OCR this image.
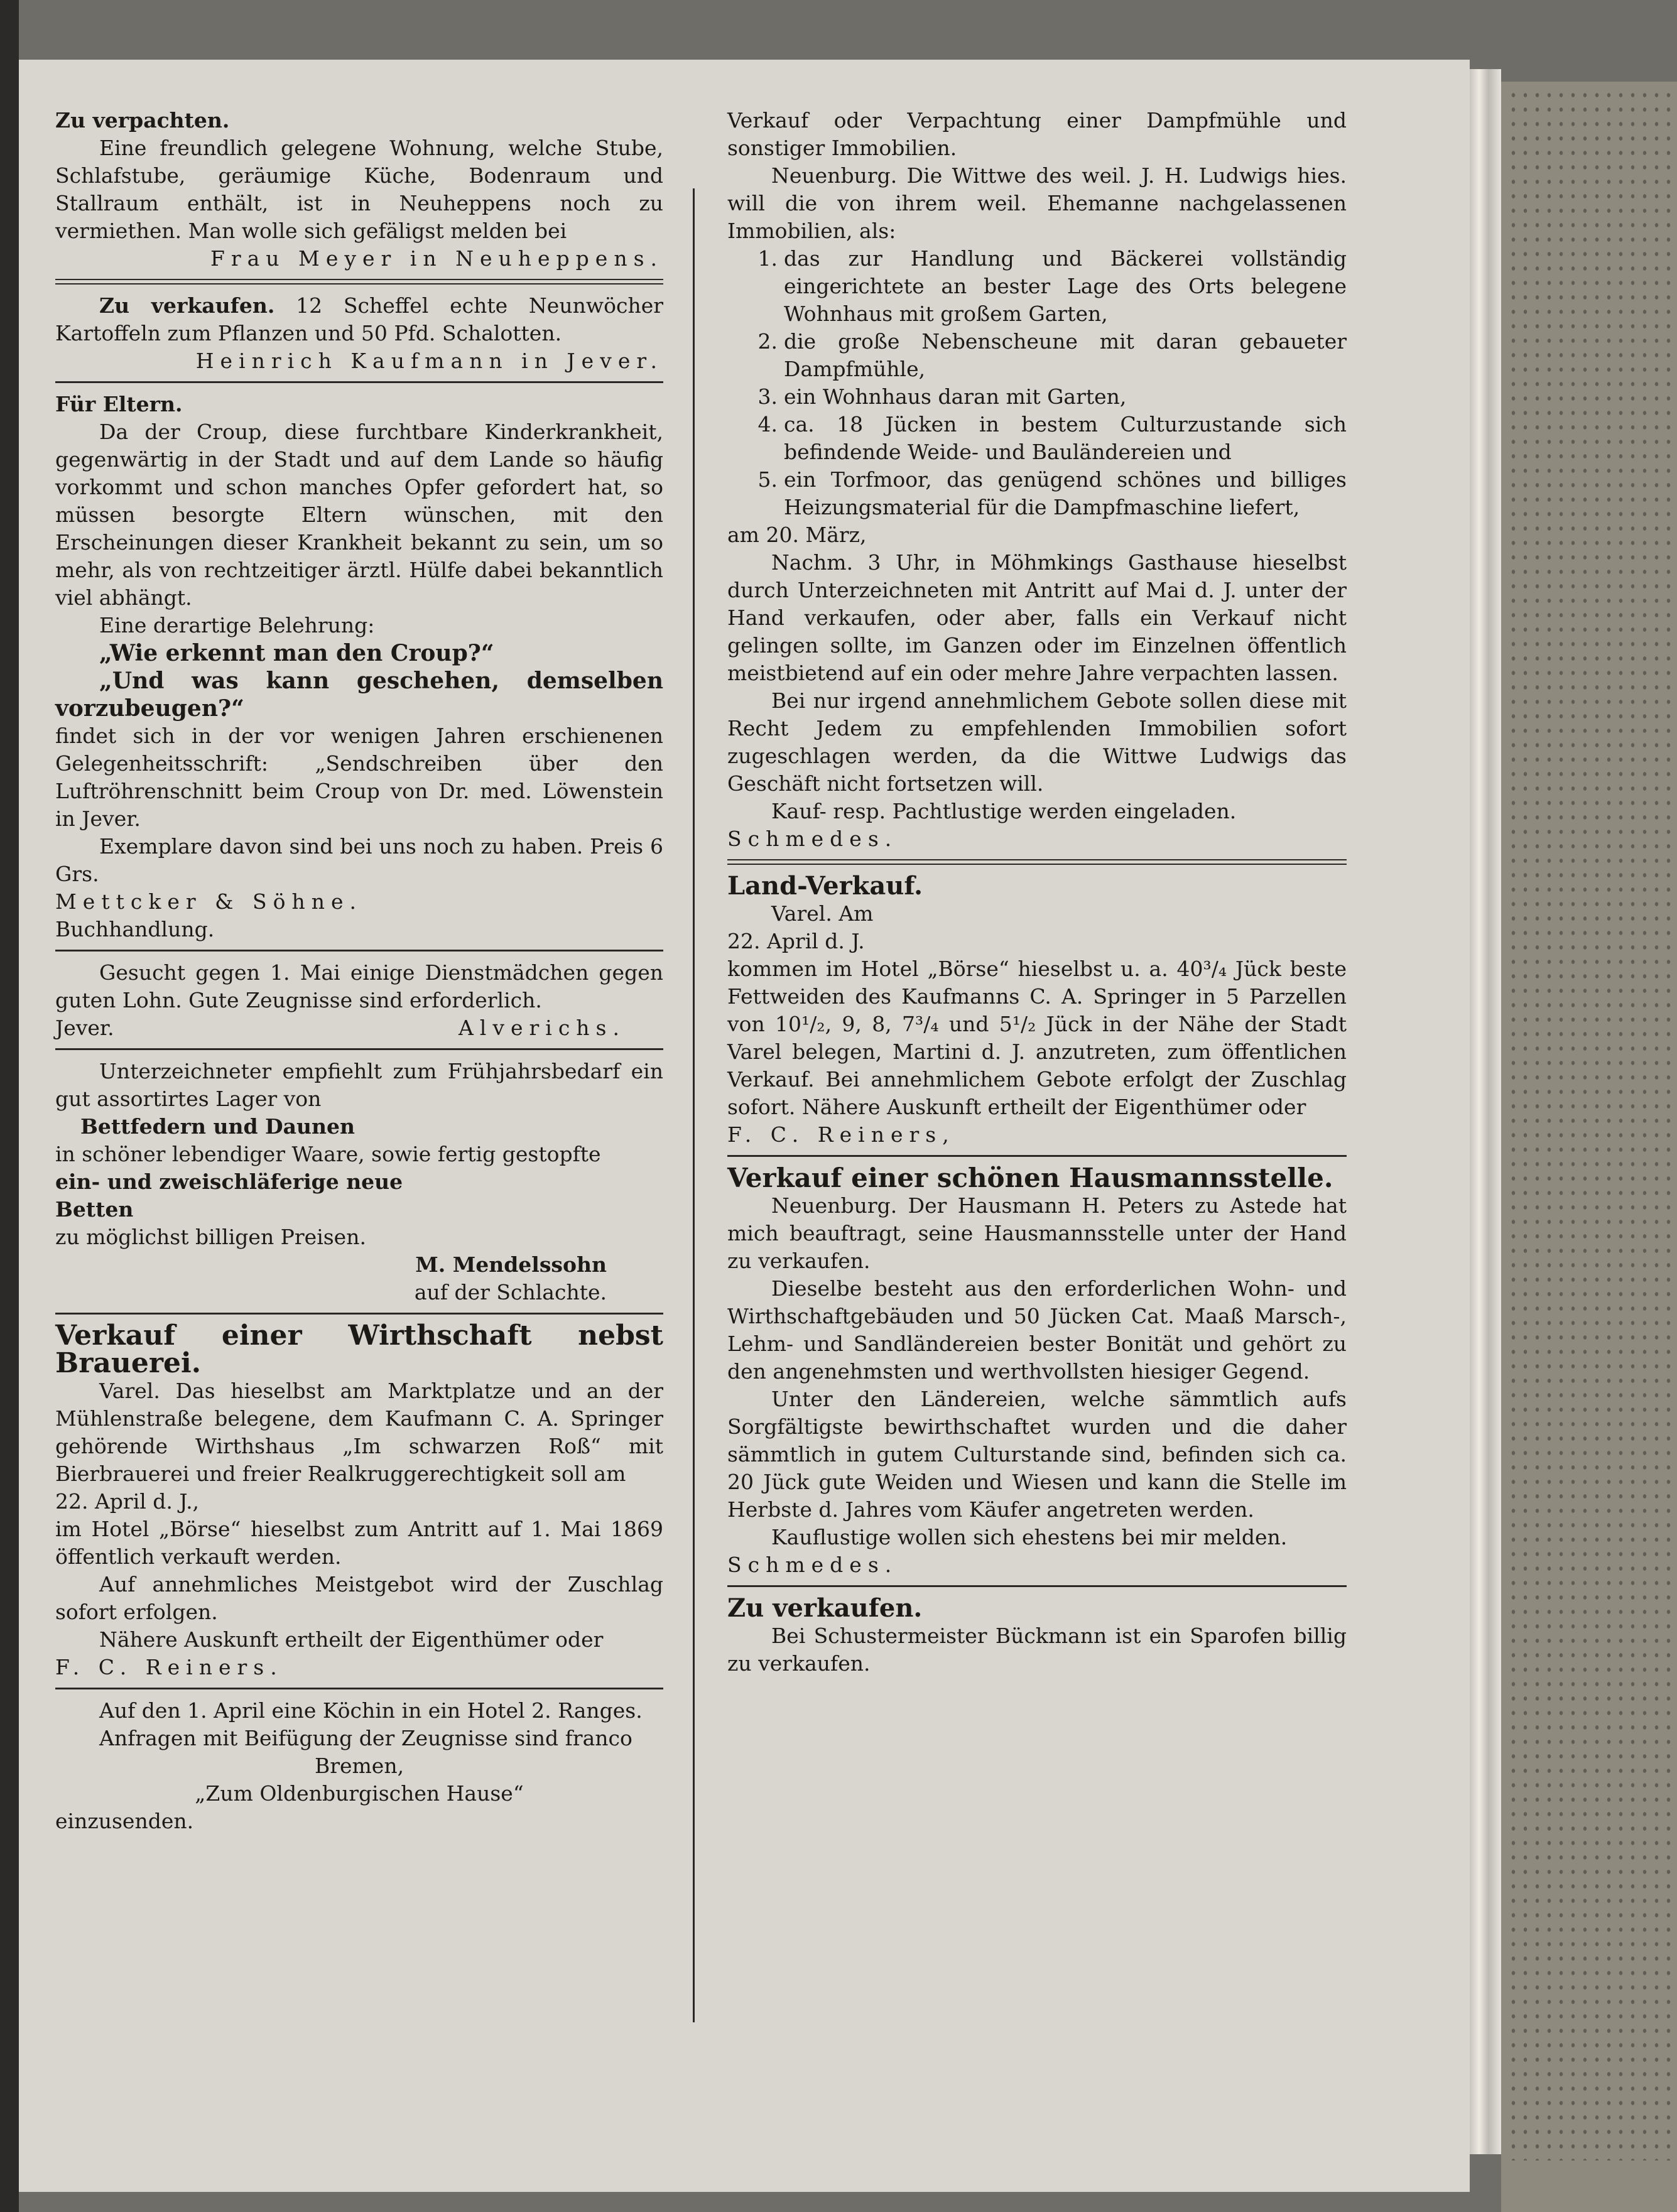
Zu verpachten.

Eine freundlich gelegene Wohnung, welche Stube, Schlafstube, geräumige Küche, Bodenraum und Stallraum enthält, ist in Neuheppens noch zu vermiethen. Man wolle sich gefäligst melden bei

Frau Meyer in Neuheppens.

Zu verkaufen. 12 Scheffel echte Neunwöcher Kartoffeln zum Pflanzen und 50 Pfd. Schalotten.

Heinrich Kaufmann in Jever.

Für Eltern.

Da der Croup, diese furchtbare Kinderkrankheit, gegenwärtig in der Stadt und auf dem Lande so häufig vorkommt und schon manches Opfer gefordert hat, so müssen besorgte Eltern wünschen, mit den Erscheinungen dieser Krankheit bekannt zu sein, um so mehr, als von rechtzeitiger ärztl. Hülfe dabei bekanntlich viel abhängt.

Eine derartige Belehrung:

„Wie erkennt man den Croup?“

„Und was kann geschehen, demselben vorzubeugen?“

findet sich in der vor wenigen Jahren erschienenen Gelegenheitsschrift: „Sendschreiben über den Luftröhrenschnitt beim Croup von Dr. med. Löwenstein in Jever.

Exemplare davon sind bei uns noch zu haben. Preis 6 Grs.

Mettcker & Söhne.

Buchhandlung.

Gesucht gegen 1. Mai einige Dienstmädchen gegen guten Lohn. Gute Zeugnisse sind erforderlich.

Jever.	Alverichs.

Unterzeichneter empfiehlt zum Frühjahrsbedarf ein gut assortirtes Lager von

Bettfedern und Daunen

in schöner lebendiger Waare, sowie fertig gestopfte

ein- und zweischläferige neue

Betten

zu möglichst billigen Preisen.

M. Mendelssohn

auf der Schlachte.

Verkauf einer Wirthschaft nebst Brauerei.

Varel. Das hieselbst am Marktplatze und an der Mühlenstraße belegene, dem Kaufmann C. A. Springer gehörende Wirthshaus „Im schwarzen Roß“ mit Bierbrauerei und freier Realkruggerechtigkeit soll am

22. April d. J.,

im Hotel „Börse“ hieselbst zum Antritt auf 1. Mai 1869 öffentlich verkauft werden.

Auf annehmliches Meistgebot wird der Zuschlag sofort erfolgen.

Nähere Auskunft ertheilt der Eigenthümer oder

F. C. Reiners.

Auf den 1. April eine Köchin in ein Hotel 2. Ranges.

Anfragen mit Beifügung der Zeugnisse sind franco

Bremen,

„Zum Oldenburgischen Hause“

einzusenden.

Verkauf oder Verpachtung einer Dampfmühle und sonstiger Immobilien.

Neuenburg. Die Wittwe des weil. J. H. Ludwigs hies. will die von ihrem weil. Ehemanne nachgelassenen Immobilien, als:

1. das zur Handlung und Bäckerei vollständig eingerichtete an bester Lage des Orts belegene Wohnhaus mit großem Garten,
2. die große Nebenscheune mit daran gebaueter Dampfmühle,
3. ein Wohnhaus daran mit Garten,
4. ca. 18 Jücken in bestem Culturzustande sich befindende Weide- und Bauländereien und
5. ein Torfmoor, das genügend schönes und billiges Heizungsmaterial für die Dampfmaschine liefert,

am 20. März,

Nachm. 3 Uhr, in Möhmkings Gasthause hieselbst durch Unterzeichneten mit Antritt auf Mai d. J. unter der Hand verkaufen, oder aber, falls ein Verkauf nicht gelingen sollte, im Ganzen oder im Einzelnen öffentlich meistbietend auf ein oder mehre Jahre verpachten lassen.

Bei nur irgend annehmlichem Gebote sollen diese mit Recht Jedem zu empfehlenden Immobilien sofort zugeschlagen werden, da die Wittwe Ludwigs das Geschäft nicht fortsetzen will.

Kauf- resp. Pachtlustige werden eingeladen.

Schmedes.

Land-Verkauf.

Varel. Am

22. April d. J.

kommen im Hotel „Börse“ hieselbst u. a. 40³/₄ Jück beste Fettweiden des Kaufmanns C. A. Springer in 5 Parzellen von 10¹/₂, 9, 8, 7³/₄ und 5¹/₂ Jück in der Nähe der Stadt Varel belegen, Martini d. J. anzutreten, zum öffentlichen Verkauf. Bei annehmlichem Gebote erfolgt der Zuschlag sofort. Nähere Auskunft ertheilt der Eigenthümer oder

F. C. Reiners,

Verkauf einer schönen Hausmannsstelle.

Neuenburg. Der Hausmann H. Peters zu Astede hat mich beauftragt, seine Hausmannsstelle unter der Hand zu verkaufen.

Dieselbe besteht aus den erforderlichen Wohn- und Wirthschaftgebäuden und 50 Jücken Cat. Maaß Marsch-, Lehm- und Sandländereien bester Bonität und gehört zu den angenehmsten und werthvollsten hiesiger Gegend.

Unter den Ländereien, welche sämmtlich aufs Sorgfältigste bewirthschaftet wurden und die daher sämmtlich in gutem Culturstande sind, befinden sich ca. 20 Jück gute Weiden und Wiesen und kann die Stelle im Herbste d. Jahres vom Käufer angetreten werden.

Kauflustige wollen sich ehestens bei mir melden.

Schmedes.

Zu verkaufen.

Bei Schustermeister Bückmann ist ein Sparofen billig zu verkaufen.
